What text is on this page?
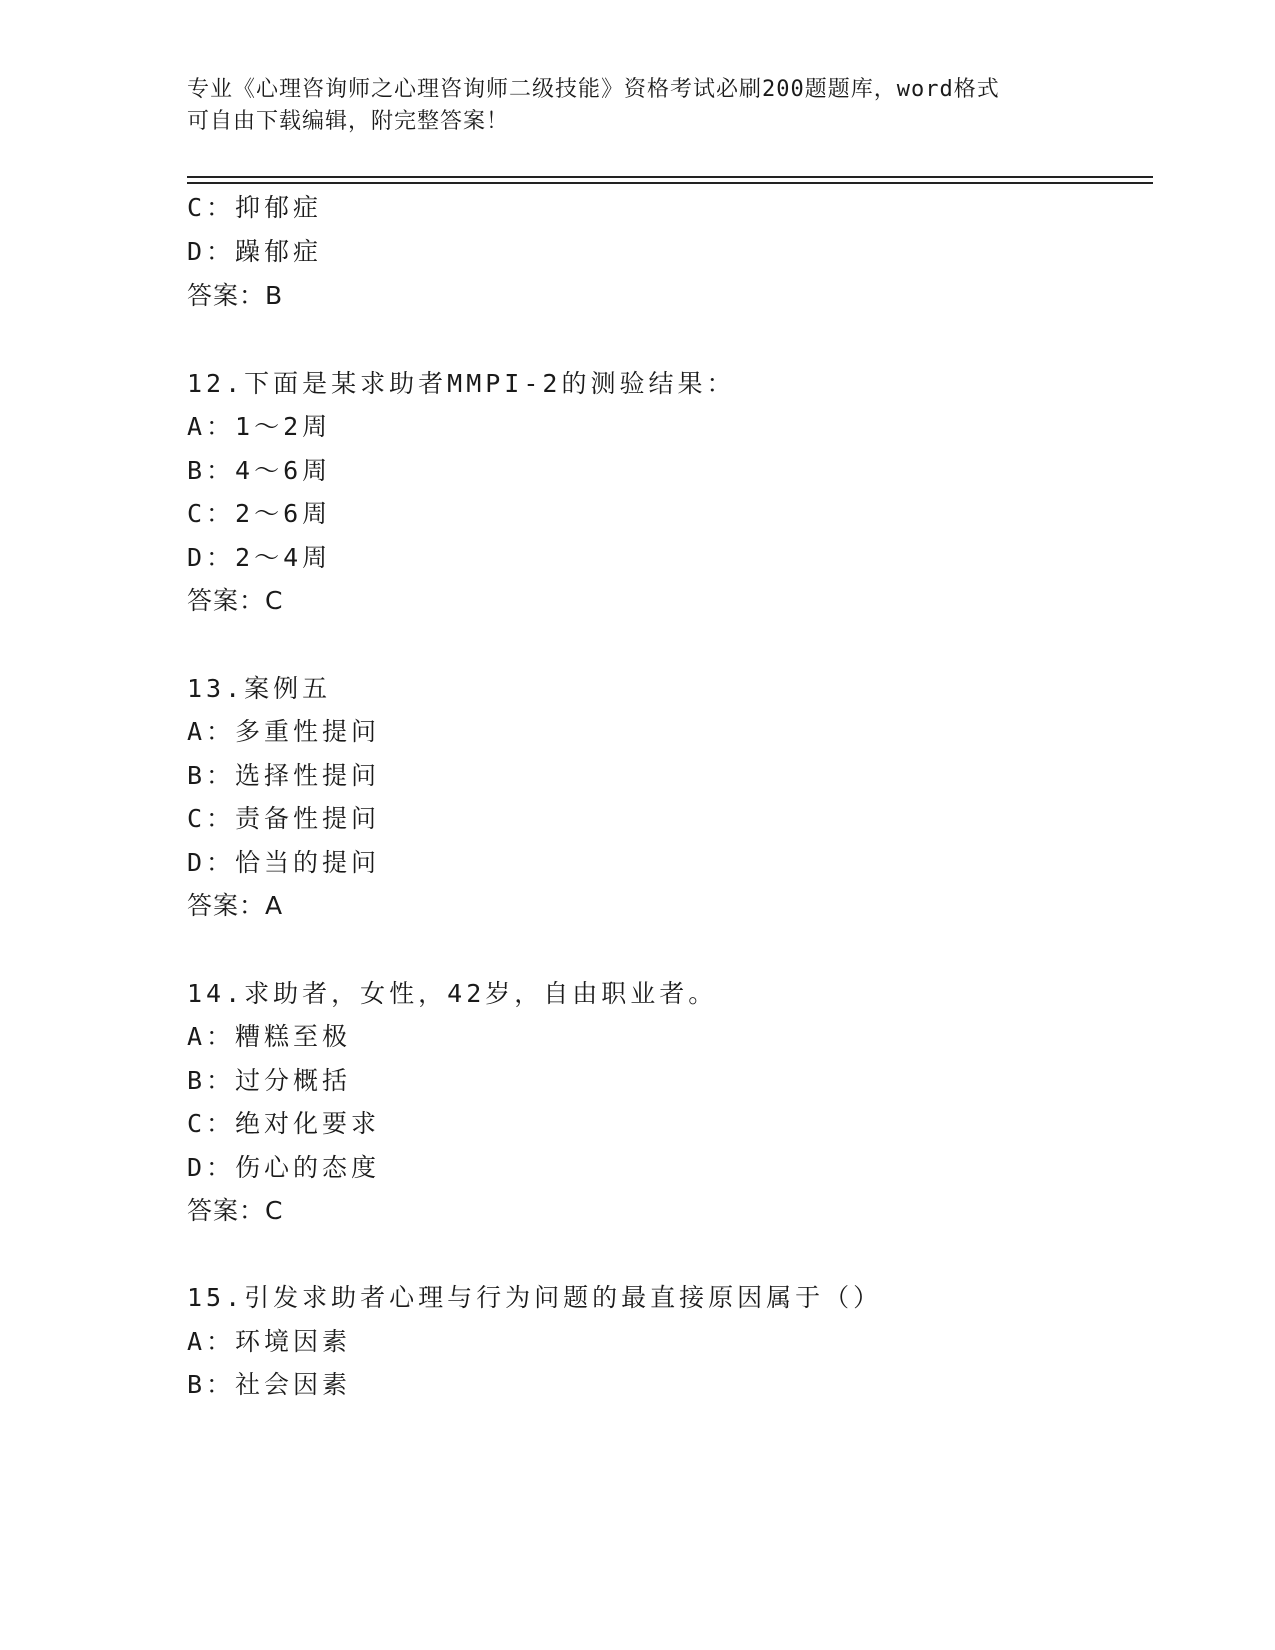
专业《心理咨询师之心理咨询师二级技能》资格考试必刷200题题库，word格式
可自由下载编辑，附完整答案！
C：抑郁症
D：躁郁症
答案：B
12.下面是某求助者MMPI-2的测验结果：
A：1～2周
B：4～6周
C：2～6周
D：2～4周
答案：C
13.案例五
A：多重性提问
B：选择性提问
C：责备性提问
D：恰当的提问
答案：A
14.求助者，女性，42岁，自由职业者。
A：糟糕至极
B：过分概括
C：绝对化要求
D：伤心的态度
答案：C
15.引发求助者心理与行为问题的最直接原因属于（）
A：环境因素
B：社会因素
